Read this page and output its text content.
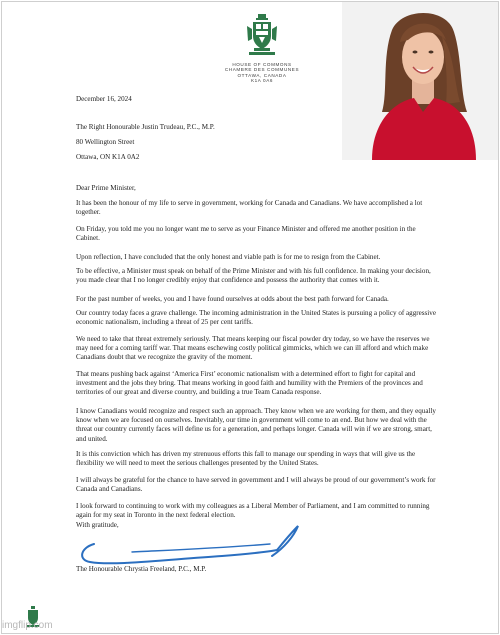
HOUSE OF COMMONS
CHAMBRE DES COMMUNES
OTTAWA, CANADA
K1A 0A6
December 16, 2024
The Right Honourable Justin Trudeau, P.C., M.P.
80 Wellington Street
Ottawa, ON K1A 0A2
Dear Prime Minister,
It has been the honour of my life to serve in government, working for Canada and Canadians. We have accomplished a lot together.
On Friday, you told me you no longer want me to serve as your Finance Minister and offered me another position in the Cabinet.
Upon reflection, I have concluded that the only honest and viable path is for me to resign from the Cabinet.
To be effective, a Minister must speak on behalf of the Prime Minister and with his full confidence. In making your decision, you made clear that I no longer credibly enjoy that confidence and possess the authority that comes with it.
For the past number of weeks, you and I have found ourselves at odds about the best path forward for Canada.
Our country today faces a grave challenge. The incoming administration in the United States is pursuing a policy of aggressive economic nationalism, including a threat of 25 per cent tariffs.
We need to take that threat extremely seriously. That means keeping our fiscal powder dry today, so we have the reserves we may need for a coming tariff war. That means eschewing costly political gimmicks, which we can ill afford and which make Canadians doubt that we recognize the gravity of the moment.
That means pushing back against ‘America First’ economic nationalism with a determined effort to fight for capital and investment and the jobs they bring. That means working in good faith and humility with the Premiers of the provinces and territories of our great and diverse country, and building a true Team Canada response.
I know Canadians would recognize and respect such an approach. They know when we are working for them, and they equally know when we are focused on ourselves. Inevitably, our time in government will come to an end. But how we deal with the threat our country currently faces will define us for a generation, and perhaps longer. Canada will win if we are strong, smart, and united.
It is this conviction which has driven my strenuous efforts this fall to manage our spending in ways that will give us the flexibility we will need to meet the serious challenges presented by the United States.
I will always be grateful for the chance to have served in government and I will always be proud of our government’s work for Canada and Canadians.
I look forward to continuing to work with my colleagues as a Liberal Member of Parliament, and I am committed to running again for my seat in Toronto in the next federal election.
With gratitude,
The Honourable Chrystia Freeland, P.C., M.P.
imgflip.com
